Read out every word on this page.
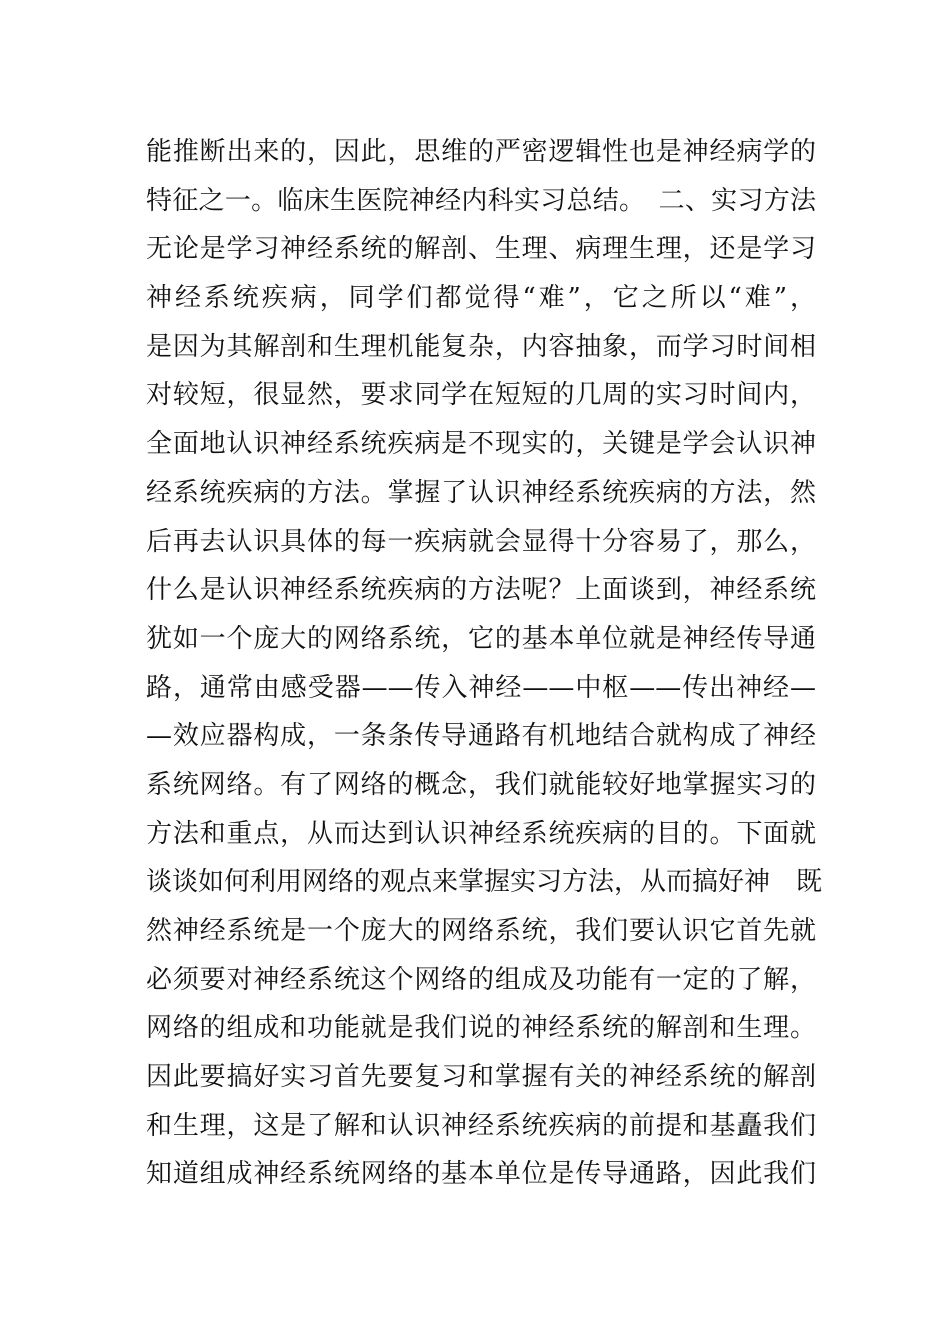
能推断出来的，因此，思维的严密逻辑性也是神经病学的
特征之一。临床生医院神经内科实习总结。　二、实习方法
无论是学习神经系统的解剖、生理、病理生理，还是学习
神经系统疾病，同学们都觉得“难”，它之所以“难”，
是因为其解剖和生理机能复杂，内容抽象，而学习时间相
对较短，很显然，要求同学在短短的几周的实习时间内，
全面地认识神经系统疾病是不现实的，关键是学会认识神
经系统疾病的方法。掌握了认识神经系统疾病的方法，然
后再去认识具体的每一疾病就会显得十分容易了，那么，
什么是认识神经系统疾病的方法呢？上面谈到，神经系统
犹如一个庞大的网络系统，它的基本单位就是神经传导通
路，通常由感受器——传入神经——中枢——传出神经—
—效应器构成，一条条传导通路有机地结合就构成了神经
系统网络。有了网络的概念，我们就能较好地掌握实习的
方法和重点，从而达到认识神经系统疾病的目的。下面就
谈谈如何利用网络的观点来掌握实习方法，从而搞好神　既
然神经系统是一个庞大的网络系统，我们要认识它首先就
必须要对神经系统这个网络的组成及功能有一定的了解，
网络的组成和功能就是我们说的神经系统的解剖和生理。
因此要搞好实习首先要复习和掌握有关的神经系统的解剖
和生理，这是了解和认识神经系统疾病的前提和基矗我们
知道组成神经系统网络的基本单位是传导通路，因此我们
